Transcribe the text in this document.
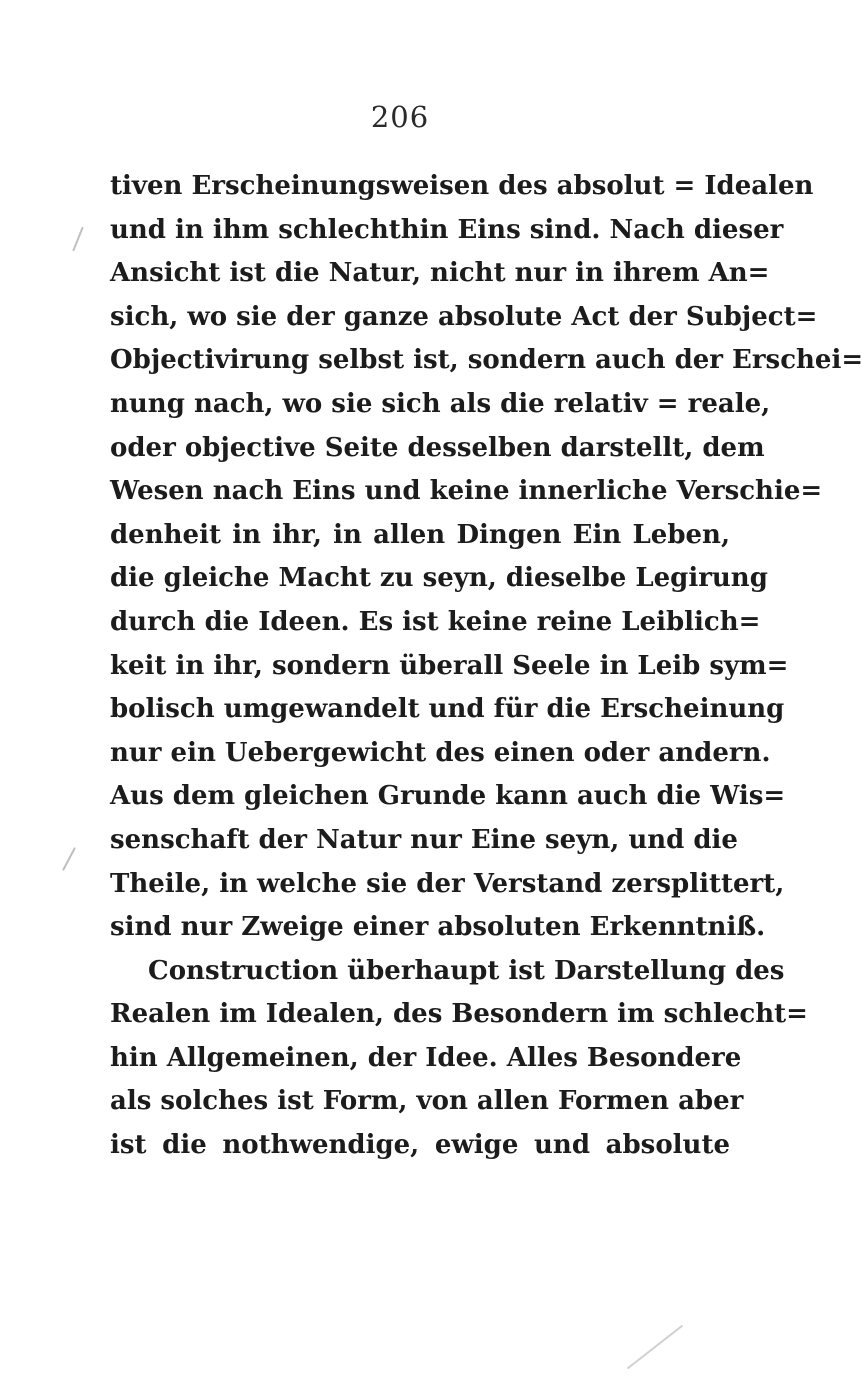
206
tiven Erscheinungsweisen des absolut = Idealen
und in ihm schlechthin Eins sind. Nach dieser
Ansicht ist die Natur, nicht nur in ihrem An=
sich, wo sie der ganze absolute Act der Subject=
Objectivirung selbst ist, sondern auch der Erschei=
nung nach, wo sie sich als die relativ = reale,
oder objective Seite desselben darstellt, dem
Wesen nach Eins und keine innerliche Verschie=
denheit in ihr, in allen Dingen Ein Leben,
die gleiche Macht zu seyn, dieselbe Legirung
durch die Ideen. Es ist keine reine Leiblich=
keit in ihr, sondern überall Seele in Leib sym=
bolisch umgewandelt und für die Erscheinung
nur ein Uebergewicht des einen oder andern.
Aus dem gleichen Grunde kann auch die Wis=
senschaft der Natur nur Eine seyn, und die
Theile, in welche sie der Verstand zersplittert,
sind nur Zweige einer absoluten Erkenntniß.
Construction überhaupt ist Darstellung des
Realen im Idealen, des Besondern im schlecht=
hin Allgemeinen, der Idee. Alles Besondere
als solches ist Form, von allen Formen aber
ist die nothwendige, ewige und absolute
